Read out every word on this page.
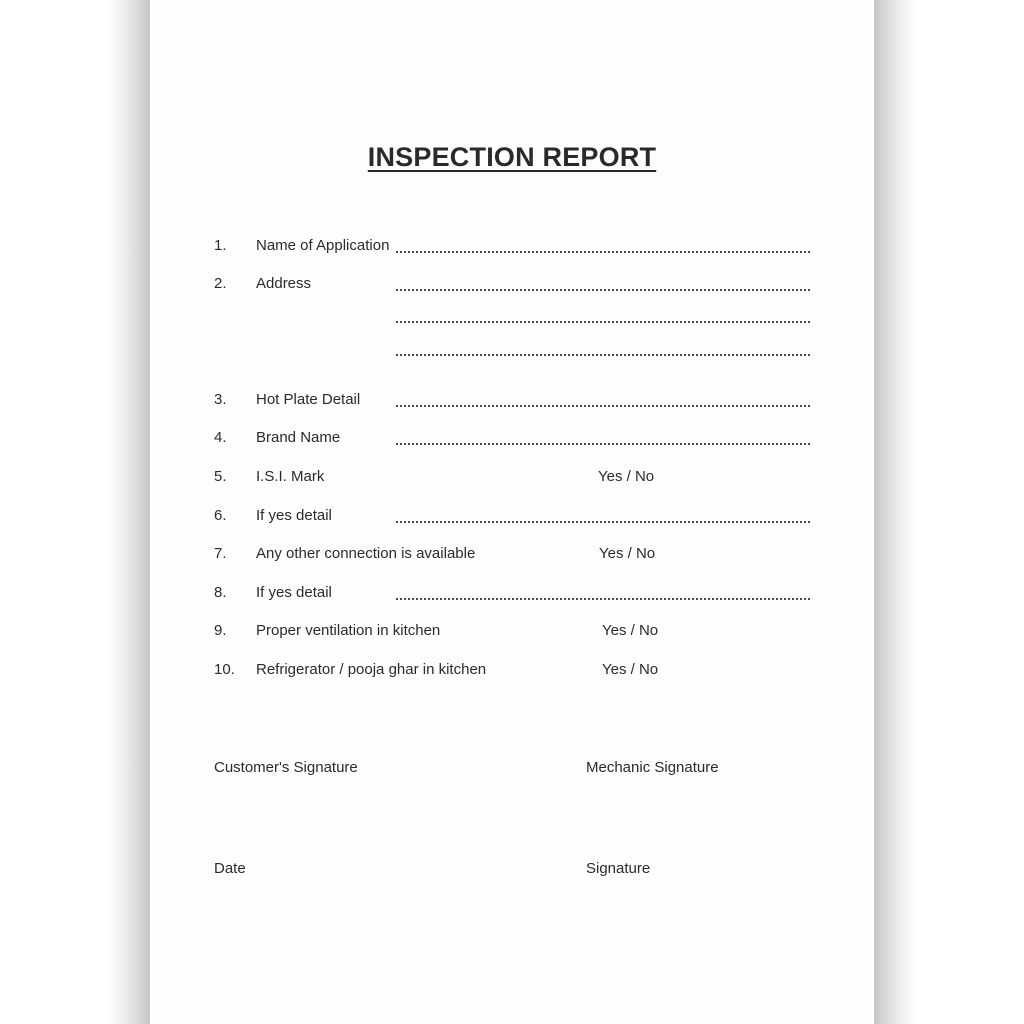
INSPECTION REPORT
1. Name of Application
2. Address
3. Hot Plate Detail
4. Brand Name
5. I.S.I. Mark	Yes / No
6. If yes detail
7. Any other connection is available	Yes / No
8. If yes detail
9. Proper ventilation in kitchen	Yes / No
10. Refrigerator / pooja ghar in kitchen	Yes / No
Customer's Signature	Mechanic Signature
Date	Signature
